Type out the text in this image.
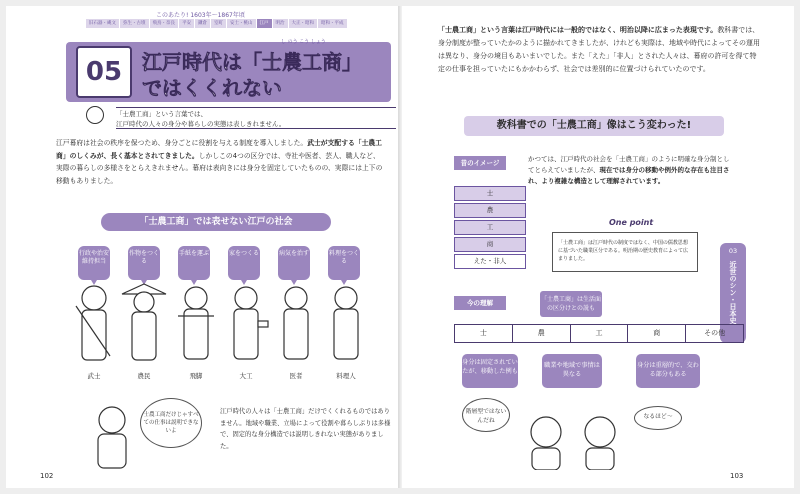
このあたり! 1603年〜1867年頃
旧石器・縄文	弥生・古墳	飛鳥・奈良	平安	鎌倉	室町	安土・桃山	江戸	明治	大正・昭和	昭和・平成
05
し のう こう しょう
江戸時代は「士農工商」
ではくくれない
「士農工商」という言葉では、
江戸時代の人々の身分や暮らしの実態は表しきれません。
江戸幕府は社会の秩序を保つため、身分ごとに役割を与える制度を導入しました。武士が支配する「士農工商」のしくみが、長く基本とされてきました。しかしこの4つの区分では、寺社や医者、芸人、職人など、実際の暮らしの多様さをとらえきれません。幕府は表向きには身分を固定していたものの、実際には上下の移動もありました。
「士農工商」では表せない江戸の社会
行政や治安維持担当
作物をつくる
手紙を運ぶ	家をつくる	病気を治す	料理をつくる
武士	農民	飛脚	大工	医者	料理人
士農工商だけじゃすべての仕事は説明できないよ
江戸時代の人々は「士農工商」だけでくくれるものではありません。地域や職業、立場によって役割や暮らしぶりは多様で、固定的な身分構造では説明しきれない実態がありました。
102
「士農工商」という言葉は江戸時代には一般的ではなく、明治以降に広まった表現です。教科書では、身分制度が整っていたかのように描かれてきましたが、けれども実際は、地域や時代によってその運用は異なり、身分の境目もあいまいでした。また「えた」「非人」とされた人々は、幕府の許可を得て特定の仕事を担っていたにもかかわらず、社会では差別的に位置づけられていたのです。
教科書での「士農工商」像はこう変わった!
昔のイメージ
士
農
工
商
えた・非人
かつては、江戸時代の社会を「士農工商」のように明確な身分制としてとらえていましたが、現在では身分の移動や例外的な存在も注目され、より複雑な構造として理解されています。
「士農工商」は江戸時代の制度ではなく、中国の儒教思想に基づいた職業区分である。明治期の歴史教育によって広まりました。
One point
03
近世のシン・日本史
今の理解	「士農工商」は生活面の区分けとの説も
士	農	工	商	その他
身分は固定されていたが、移動した例も
職業や地域で事情は異なる
身分は重層的で、交わる部分もある
階層型ではないんだね
なるほど〜
103
